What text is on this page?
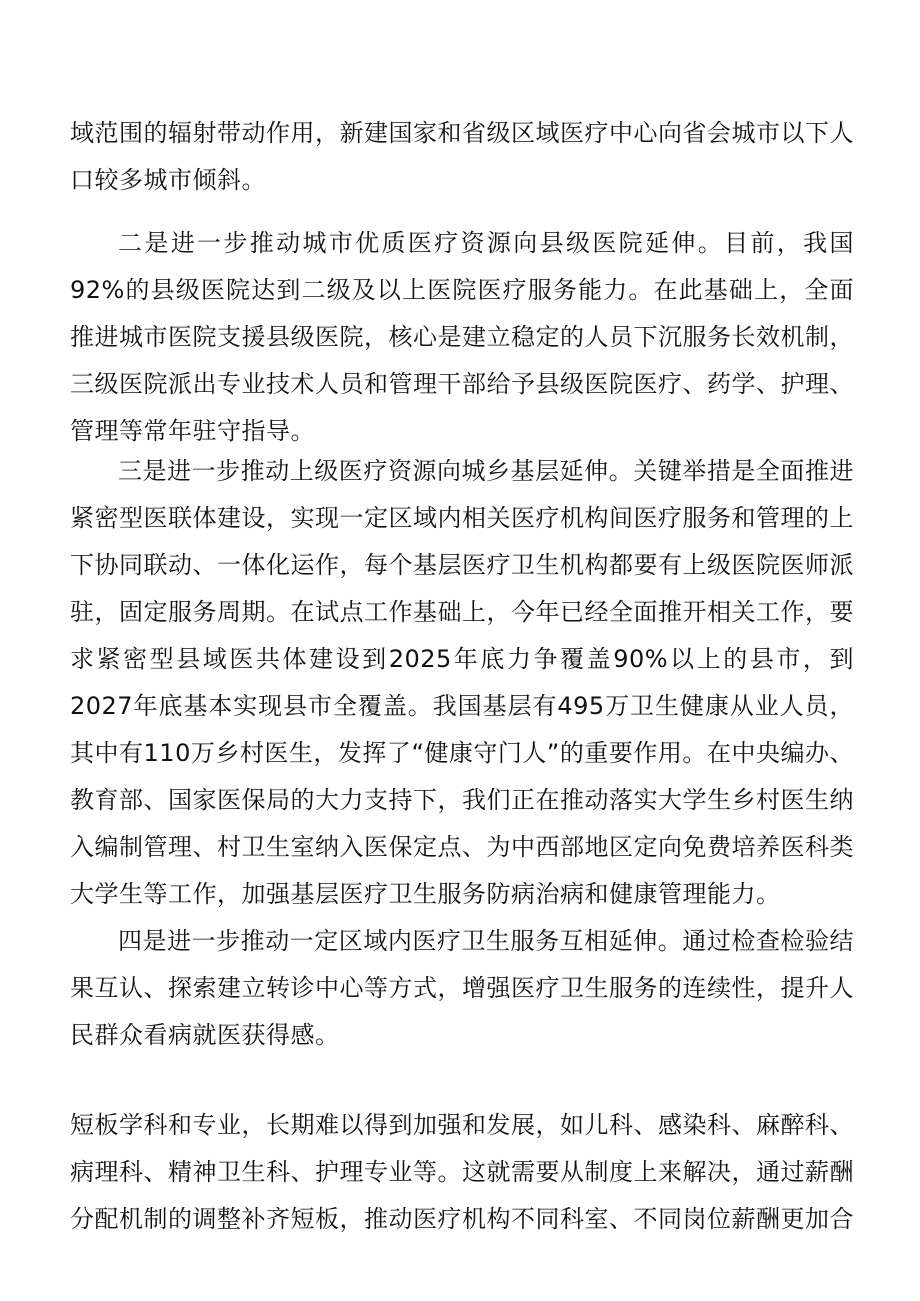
域范围的辐射带动作用，新建国家和省级区域医疗中心向省会城市以下人口较多城市倾斜。

二是进一步推动城市优质医疗资源向县级医院延伸。目前，我国92%的县级医院达到二级及以上医院医疗服务能力。在此基础上，全面推进城市医院支援县级医院，核心是建立稳定的人员下沉服务长效机制，三级医院派出专业技术人员和管理干部给予县级医院医疗、药学、护理、管理等常年驻守指导。

三是进一步推动上级医疗资源向城乡基层延伸。关键举措是全面推进紧密型医联体建设，实现一定区域内相关医疗机构间医疗服务和管理的上下协同联动、一体化运作，每个基层医疗卫生机构都要有上级医院医师派驻，固定服务周期。在试点工作基础上，今年已经全面推开相关工作，要求紧密型县域医共体建设到2025年底力争覆盖90%以上的县市，到2027年底基本实现县市全覆盖。我国基层有495万卫生健康从业人员，其中有110万乡村医生，发挥了“健康守门人”的重要作用。在中央编办、教育部、国家医保局的大力支持下，我们正在推动落实大学生乡村医生纳入编制管理、村卫生室纳入医保定点、为中西部地区定向免费培养医科类大学生等工作，加强基层医疗卫生服务防病治病和健康管理能力。

四是进一步推动一定区域内医疗卫生服务互相延伸。通过检查检验结果互认、探索建立转诊中心等方式，增强医疗卫生服务的连续性，提升人民群众看病就医获得感。

短板学科和专业，长期难以得到加强和发展，如儿科、感染科、麻醉科、病理科、精神卫生科、护理专业等。这就需要从制度上来解决，通过薪酬分配机制的调整补齐短板，推动医疗机构不同科室、不同岗位薪酬更加合
